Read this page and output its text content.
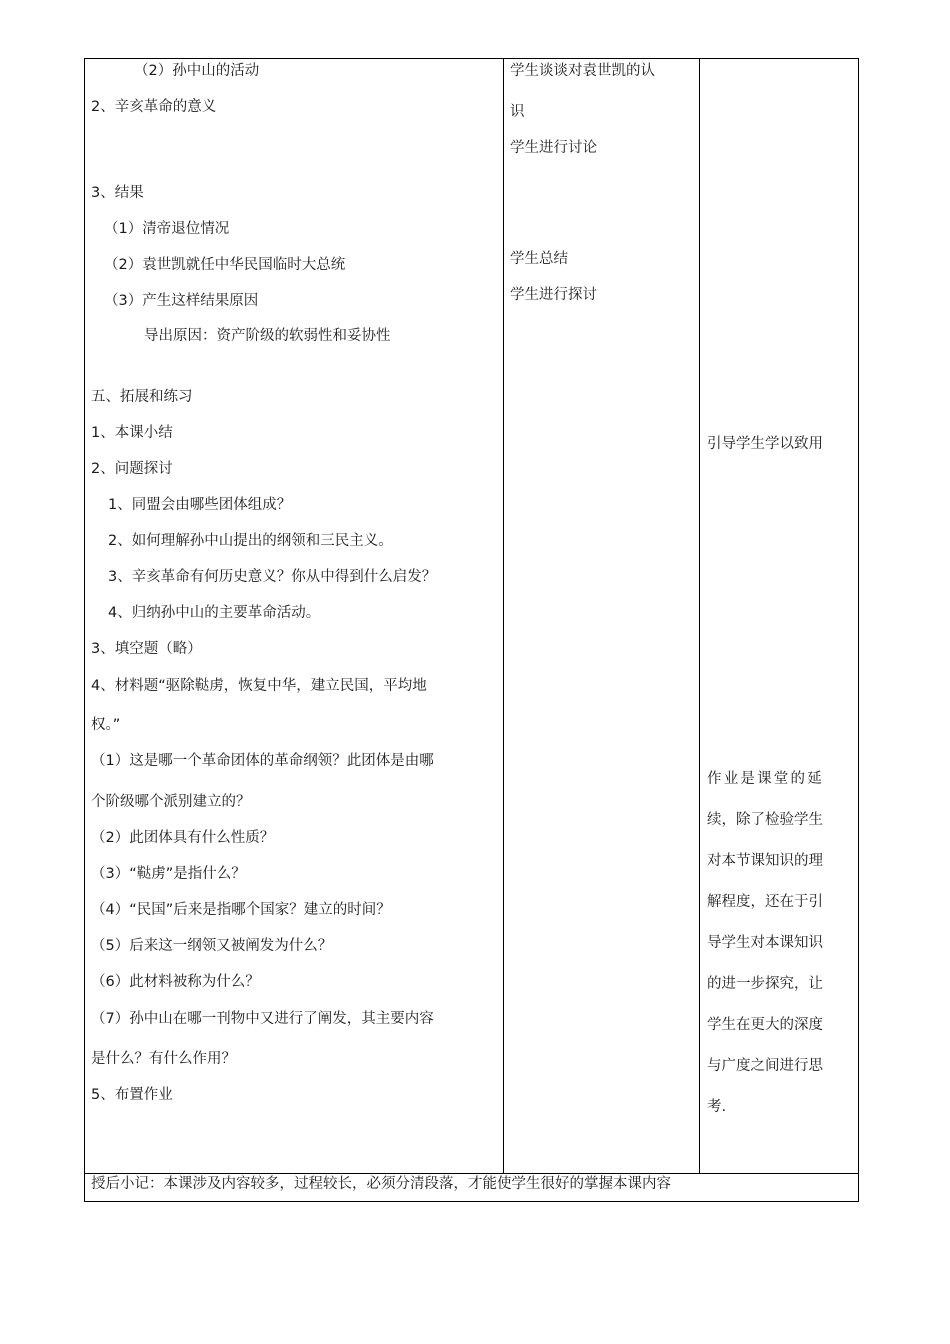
（2）孙中山的活动
2、辛亥革命的意义
3、结果
（1）清帝退位情况
（2）袁世凯就任中华民国临时大总统
（3）产生这样结果原因
导出原因：资产阶级的软弱性和妥协性
五、拓展和练习
1、本课小结
2、问题探讨
1、同盟会由哪些团体组成？
2、如何理解孙中山提出的纲领和三民主义。
3、辛亥革命有何历史意义？你从中得到什么启发？
4、归纳孙中山的主要革命活动。
3、填空题（略）
4、材料题“驱除鞑虏，恢复中华，建立民国，平均地
权。”
（1）这是哪一个革命团体的革命纲领？此团体是由哪
个阶级哪个派别建立的？
（2）此团体具有什么性质？
（3）“鞑虏”是指什么？
（4）“民国”后来是指哪个国家？建立的时间？
（5）后来这一纲领又被阐发为什么？
（6）此材料被称为什么？
（7）孙中山在哪一刊物中又进行了阐发，其主要内容
是什么？有什么作用？
5、布置作业
学生谈谈对袁世凯的认
识
学生进行讨论
学生总结
学生进行探讨
引导学生学以致用
作业是课堂的延
续，除了检验学生
对本节课知识的理
解程度，还在于引
导学生对本课知识
的进一步探究，让
学生在更大的深度
与广度之间进行思
考.
授后小记：本课涉及内容较多，过程较长，必须分清段落，才能使学生很好的掌握本课内容
